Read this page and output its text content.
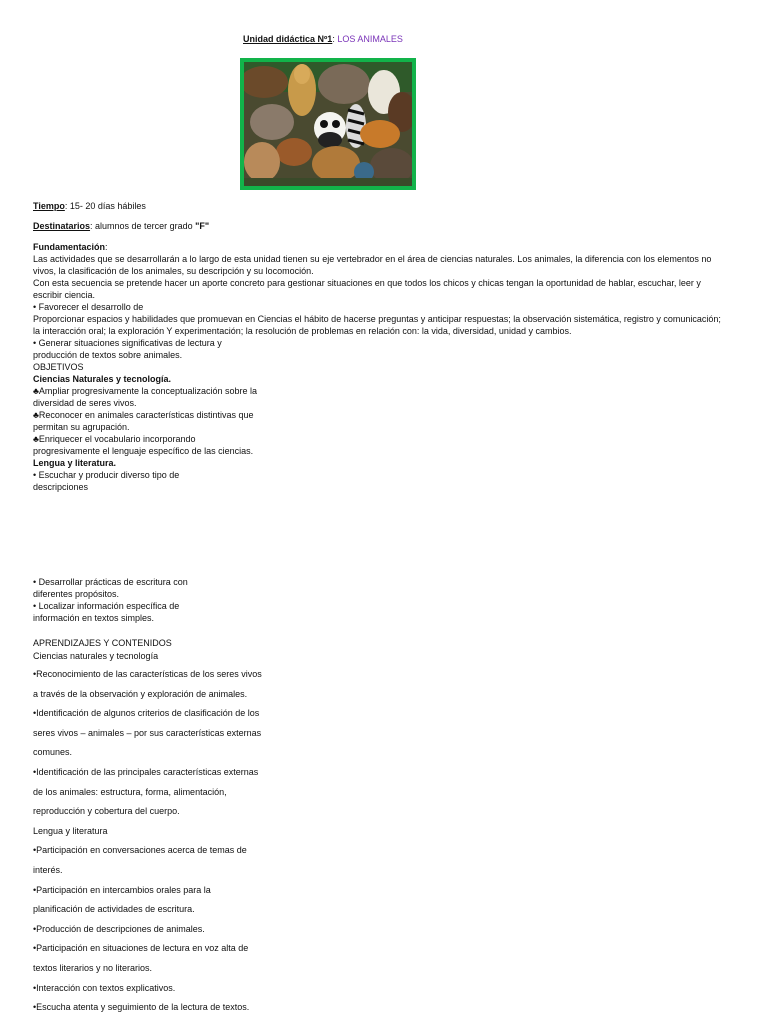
Unidad didáctica Nº1: LOS ANIMALES
Tiempo: 15- 20 días hábiles
Destinatarios: alumnos de tercer grado "F"
Fundamentación:
Las actividades que se desarrollarán a lo largo de esta unidad tienen su eje vertebrador en el área de ciencias naturales. Los animales, la diferencia con los elementos no
vivos, la clasificación de los animales, su descripción y su locomoción.
Con esta secuencia se pretende hacer un aporte concreto para gestionar situaciones en que todos los chicos y chicas tengan la oportunidad de hablar, escuchar, leer y
escribir ciencia.
• Favorecer el desarrollo de
Proporcionar espacios y habilidades que promuevan en Ciencias el hábito de hacerse preguntas y anticipar respuestas; la observación sistemática, registro y comunicación;
la interacción oral; la exploración Y experimentación; la resolución de problemas en relación con: la vida, diversidad, unidad y cambios.
• Generar situaciones significativas de lectura y
producción de textos sobre animales.
OBJETIVOS
Ciencias Naturales y tecnología.
♣ Ampliar progresivamente la conceptualización sobre la
diversidad de seres vivos.
♣ Reconocer en animales características distintivas que
permitan su agrupación.
♣ Enriquecer el vocabulario incorporando
progresivamente el lenguaje específico de las ciencias.
Lengua y literatura.
• Escuchar y producir diverso tipo de
descripciones
• Desarrollar prácticas de escritura con
diferentes propósitos.
• Localizar información específica de
información en textos simples.
APRENDIZAJES Y CONTENIDOS
Ciencias naturales y tecnología
•Reconocimiento de las características de los seres vivos
a través de la observación y exploración de animales.
•Identificación de algunos criterios de clasificación de los
seres vivos – animales – por sus características externas
comunes.
•Identificación de las principales características externas
de los animales: estructura, forma, alimentación,
reproducción y cobertura del cuerpo.
Lengua y literatura
•Participación en conversaciones acerca de temas de
interés.
•Participación en intercambios orales para la
planificación de actividades de escritura.
•Producción de descripciones de animales.
•Participación en situaciones de lectura en voz alta de
textos literarios y no literarios.
•Interacción con textos explicativos.
•Escucha atenta y seguimiento de la lectura de textos.
